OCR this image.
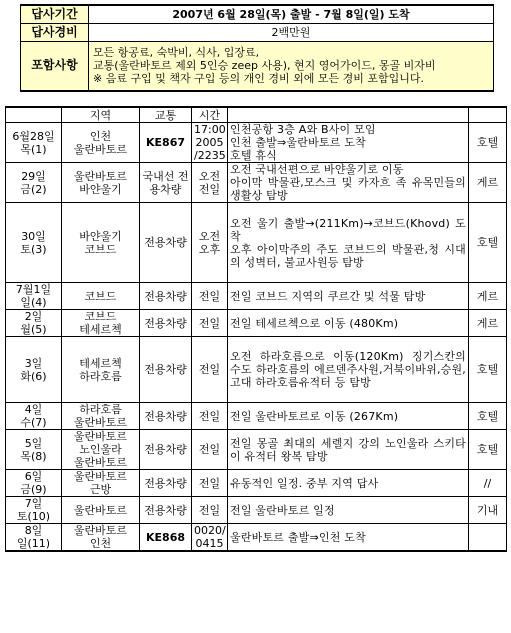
답사기간	2007년 6월 28일(목) 출발 - 7월 8일(일) 도착
답사경비	2백만원
포함사항	모든 항공료, 숙박비, 식사, 입장료,
교통(울란바토르 제외 5인승 zeep 사용), 현지 영어가이드, 몽골 비자비
※ 음료 구입 및 책자 구입 등의 개인 경비 외에 모든 경비 포함입니다.
	지역	교통	시간		

6월28일
목(1)	인천
울란바토르	KE867	17:00
2005
/2235	인천공항 3층 A와 B사이 모임
인천 출발⇒울란바토르 도착
호텔 휴식	호텔

29일
금(2)	울란바토르
바얀울기	국내선 전용차량	오전
전일	오전 국내선편으로 바얀울기로 이동
아이막 박물관,모스크 및 카자흐 족 유목민들의 생활상 탐방	게르

30일
토(3)	바얀울기
코브드	전용차량	오전
오후	오전 울기 출발→(211Km)→코브드(Khovd) 도착
오후 아이막주의 주도 코브드의 박물관,청 시대의 성벽터, 불교사원등 탐방	호텔

7월1일
일(4)	코브드	전용차량	전일	전일 코브드 지역의 쿠르간 및 석물 탐방	게르

2일
월(5)	코브드
테세르첵	전용차량	전일	전일 테세르첵으로 이동 (480Km)	게르

3일
화(6)	테세르첵
하라호름	전용차량	전일	오전 하라호름으로 이동(120Km) 징기스칸의 수도 하라호름의 에르덴주사원,거북이바위,승원,고대 하라호름유적터 등 탐방	호텔

4일
수(7)	하라호름
울란바토르	전용차량	전일	전일 울란바토르로 이동 (267Km)	호텔

5일
목(8)	울란바토르
노인울라
울란바토르	전용차량	전일	전일 몽골 최대의 세렐지 강의 노인울라 스키타이 유적터 왕복 탐방	호텔

6일
금(9)	울란바토르
근방	전용차량	전일	유동적인 일정. 중부 지역 답사	//

7일
토(10)	울란바토르	전용차량	전일	전일 울란바토르 일정	기내

8일
일(11)	울란바토르
인천	KE868	0020/
0415	울란바토르 출발⇒인천 도착	
